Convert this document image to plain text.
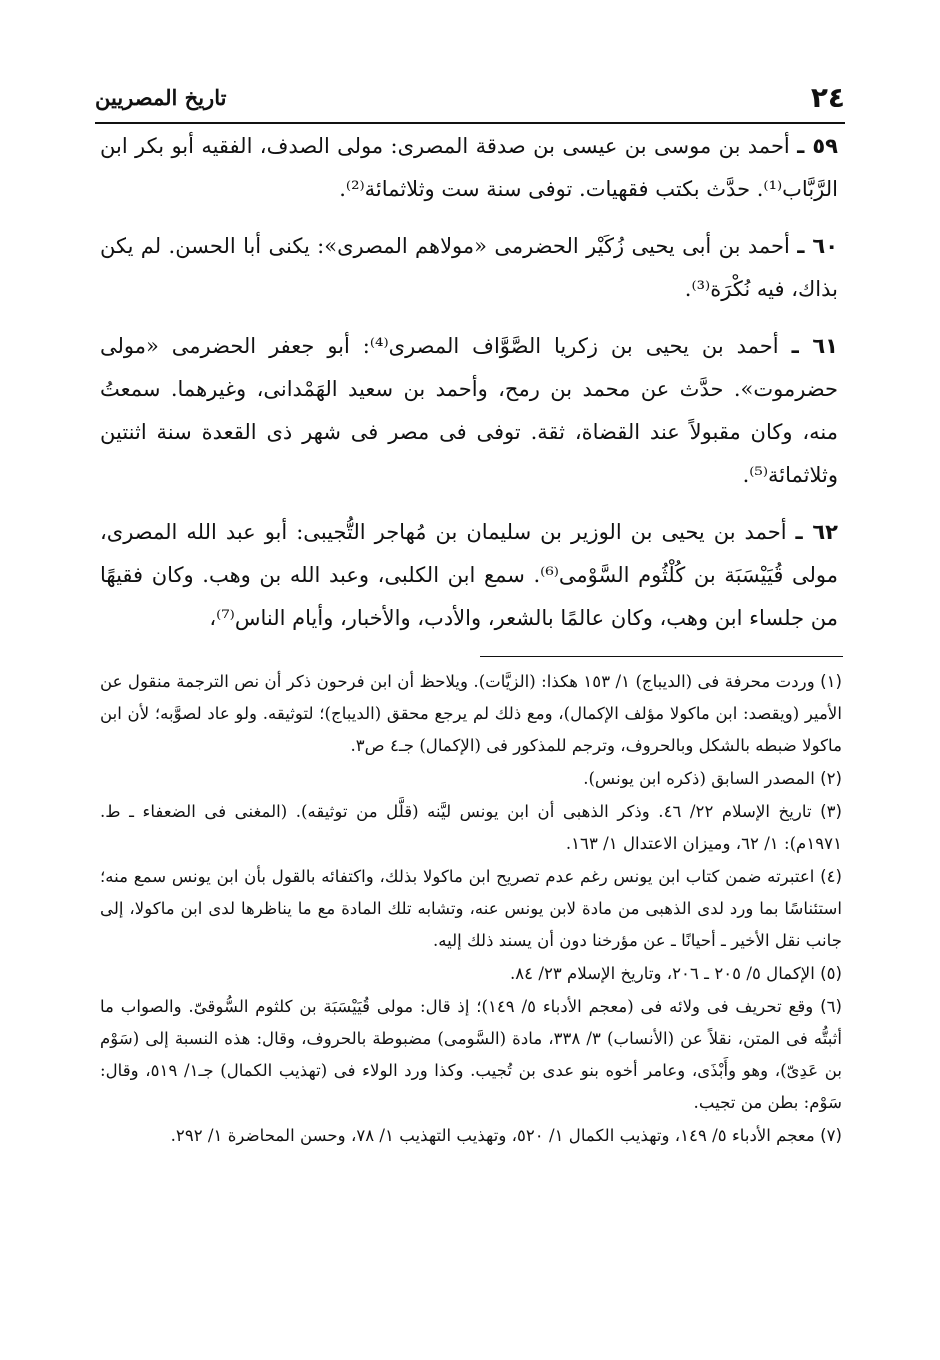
٢٤
تاريخ المصريين

٥٩ ـ أحمد بن موسى بن عيسى بن صدقة المصرى: مولى الصدف، الفقيه أبو بكر ابن الرَّبَّاب⁽¹⁾. حدَّث بكتب فقهيات. توفى سنة ست وثلاثمائة⁽²⁾.

٦٠ ـ أحمد بن أبى يحيى زُكَيْر الحضرمى «مولاهم المصرى»: يكنى أبا الحسن. لم يكن بذاك، فيه نُكْرَة⁽³⁾.

٦١ ـ أحمد بن يحيى بن زكريا الصَّوَّاف المصرى⁽⁴⁾: أبو جعفر الحضرمى «مولى حضرموت». حدَّث عن محمد بن رمح، وأحمد بن سعيد الهَمْدانى، وغيرهما. سمعتُ منه، وكان مقبولاً عند القضاة، ثقة. توفى فى مصر فى شهر ذى القعدة سنة اثنتين وثلاثمائة⁽⁵⁾.

٦٢ ـ أحمد بن يحيى بن الوزير بن سليمان بن مُهاجر التُّجيبى: أبو عبد الله المصرى، مولى قُيَيْسَبَة بن كُلْثُوم السَّوْمى⁽⁶⁾. سمع ابن الكلبى، وعبد الله بن وهب. وكان فقيهًا من جلساء ابن وهب، وكان عالمًا بالشعر، والأدب، والأخبار، وأيام الناس⁽⁷⁾،

(١) وردت محرفة فى (الديباج) ١/ ١٥٣ هكذا: (الزيَّات). ويلاحظ أن ابن فرحون ذكر أن نص الترجمة منقول عن الأمير (ويقصد: ابن ماكولا مؤلف الإكمال)، ومع ذلك لم يرجع محقق (الديباج)؛ لتوثيقه. ولو عاد لصوَّبه؛ لأن ابن ماكولا ضبطه بالشكل وبالحروف، وترجم للمذكور فى (الإكمال) جـ٤ ص٣.

(٢) المصدر السابق (ذكره ابن يونس).

(٣) تاريخ الإسلام ٢٢/ ٤٦. وذكر الذهبى أن ابن يونس ليَّنه (قلَّل من توثيقه). (المغنى فى الضعفاء ـ ط. ١٩٧١م): ١/ ٦٢، وميزان الاعتدال ١/ ١٦٣.

(٤) اعتبرته ضمن كتاب ابن يونس رغم عدم تصريح ابن ماكولا بذلك، واكتفائه بالقول بأن ابن يونس سمع منه؛ استئناسًا بما ورد لدى الذهبى من مادة لابن يونس عنه، وتشابه تلك المادة مع ما يناظرها لدى ابن ماكولا، إلى جانب نقل الأخير ـ أحيانًا ـ عن مؤرخنا دون أن يسند ذلك إليه.

(٥) الإكمال ٥/ ٢٠٥ ـ ٢٠٦، وتاريخ الإسلام ٢٣/ ٨٤.

(٦) وقع تحريف فى ولائه فى (معجم الأدباء ٥/ ١٤٩)؛ إذ قال: مولى قُيَيْسَبَة بن كلثوم السُّوقىّ. والصواب ما أثبتُّه فى المتن، نقلاً عن (الأنساب) ٣/ ٣٣٨، مادة (السَّومى) مضبوطة بالحروف، وقال: هذه النسبة إلى (سَوْم بن عَدِىّ)، وهو وأَبْذَى، وعامر أخوه بنو عدى بن تُجيب. وكذا ورد الولاء فى (تهذيب الكمال) جـ١/ ٥١٩، وقال: سَوْم: بطن من تجيب.

(٧) معجم الأدباء ٥/ ١٤٩، وتهذيب الكمال ١/ ٥٢٠، وتهذيب التهذيب ١/ ٧٨، وحسن المحاضرة ١/ ٢٩٢.
